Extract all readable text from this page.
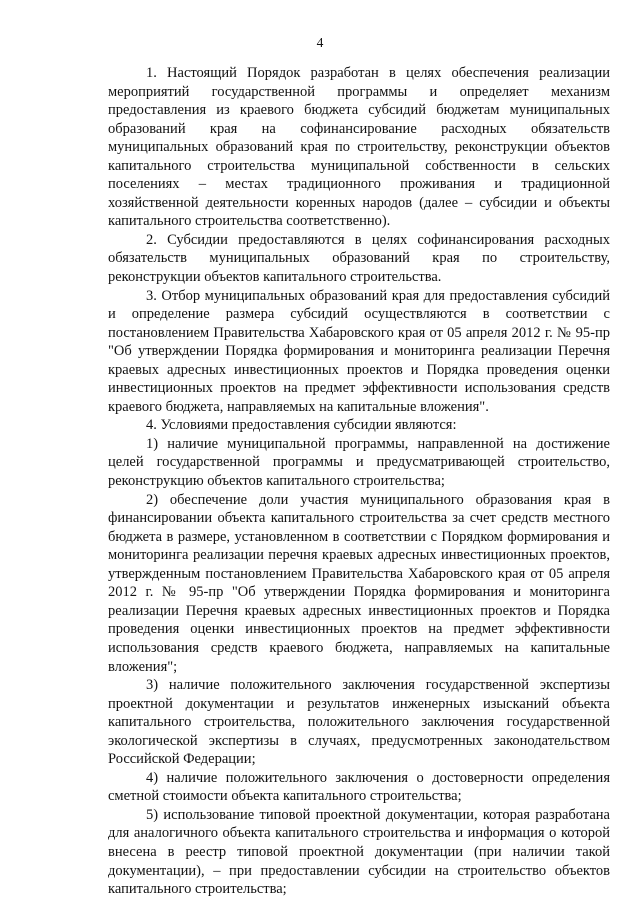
4

1. Настоящий Порядок разработан в целях обеспечения реализации мероприятий государственной программы и определяет механизм предоставления из краевого бюджета субсидий бюджетам муниципальных образований края на софинансирование расходных обязательств муниципальных образований края по строительству, реконструкции объектов капитального строительства муниципальной собственности в сельских поселениях – местах традиционного проживания и традиционной хозяйственной деятельности коренных народов (далее – субсидии и объекты капитального строительства соответственно).

2. Субсидии предоставляются в целях софинансирования расходных обязательств муниципальных образований края по строительству, реконструкции объектов капитального строительства.

3. Отбор муниципальных образований края для предоставления субсидий и определение размера субсидий осуществляются в соответствии с постановлением Правительства Хабаровского края от 05 апреля 2012 г. № 95-пр "Об утверждении Порядка формирования и мониторинга реализации Перечня краевых адресных инвестиционных проектов и Порядка проведения оценки инвестиционных проектов на предмет эффективности использования средств краевого бюджета, направляемых на капитальные вложения".

4. Условиями предоставления субсидии являются:

1) наличие муниципальной программы, направленной на достижение целей государственной программы и предусматривающей строительство, реконструкцию объектов капитального строительства;

2) обеспечение доли участия муниципального образования края в финансировании объекта капитального строительства за счет средств местного бюджета в размере, установленном в соответствии с Порядком формирования и мониторинга реализации перечня краевых адресных инвестиционных проектов, утвержденным постановлением Правительства Хабаровского края от 05 апреля 2012 г. № 95-пр "Об утверждении Порядка формирования и мониторинга реализации Перечня краевых адресных инвестиционных проектов и Порядка проведения оценки инвестиционных проектов на предмет эффективности использования средств краевого бюджета, направляемых на капитальные вложения";

3) наличие положительного заключения государственной экспертизы проектной документации и результатов инженерных изысканий объекта капитального строительства, положительного заключения государственной экологической экспертизы в случаях, предусмотренных законодательством Российской Федерации;

4) наличие положительного заключения о достоверности определения сметной стоимости объекта капитального строительства;

5) использование типовой проектной документации, которая разработана для аналогичного объекта капитального строительства и информация о которой внесена в реестр типовой проектной документации (при наличии такой документации), – при предоставлении субсидии на строительство объектов капитального строительства;
